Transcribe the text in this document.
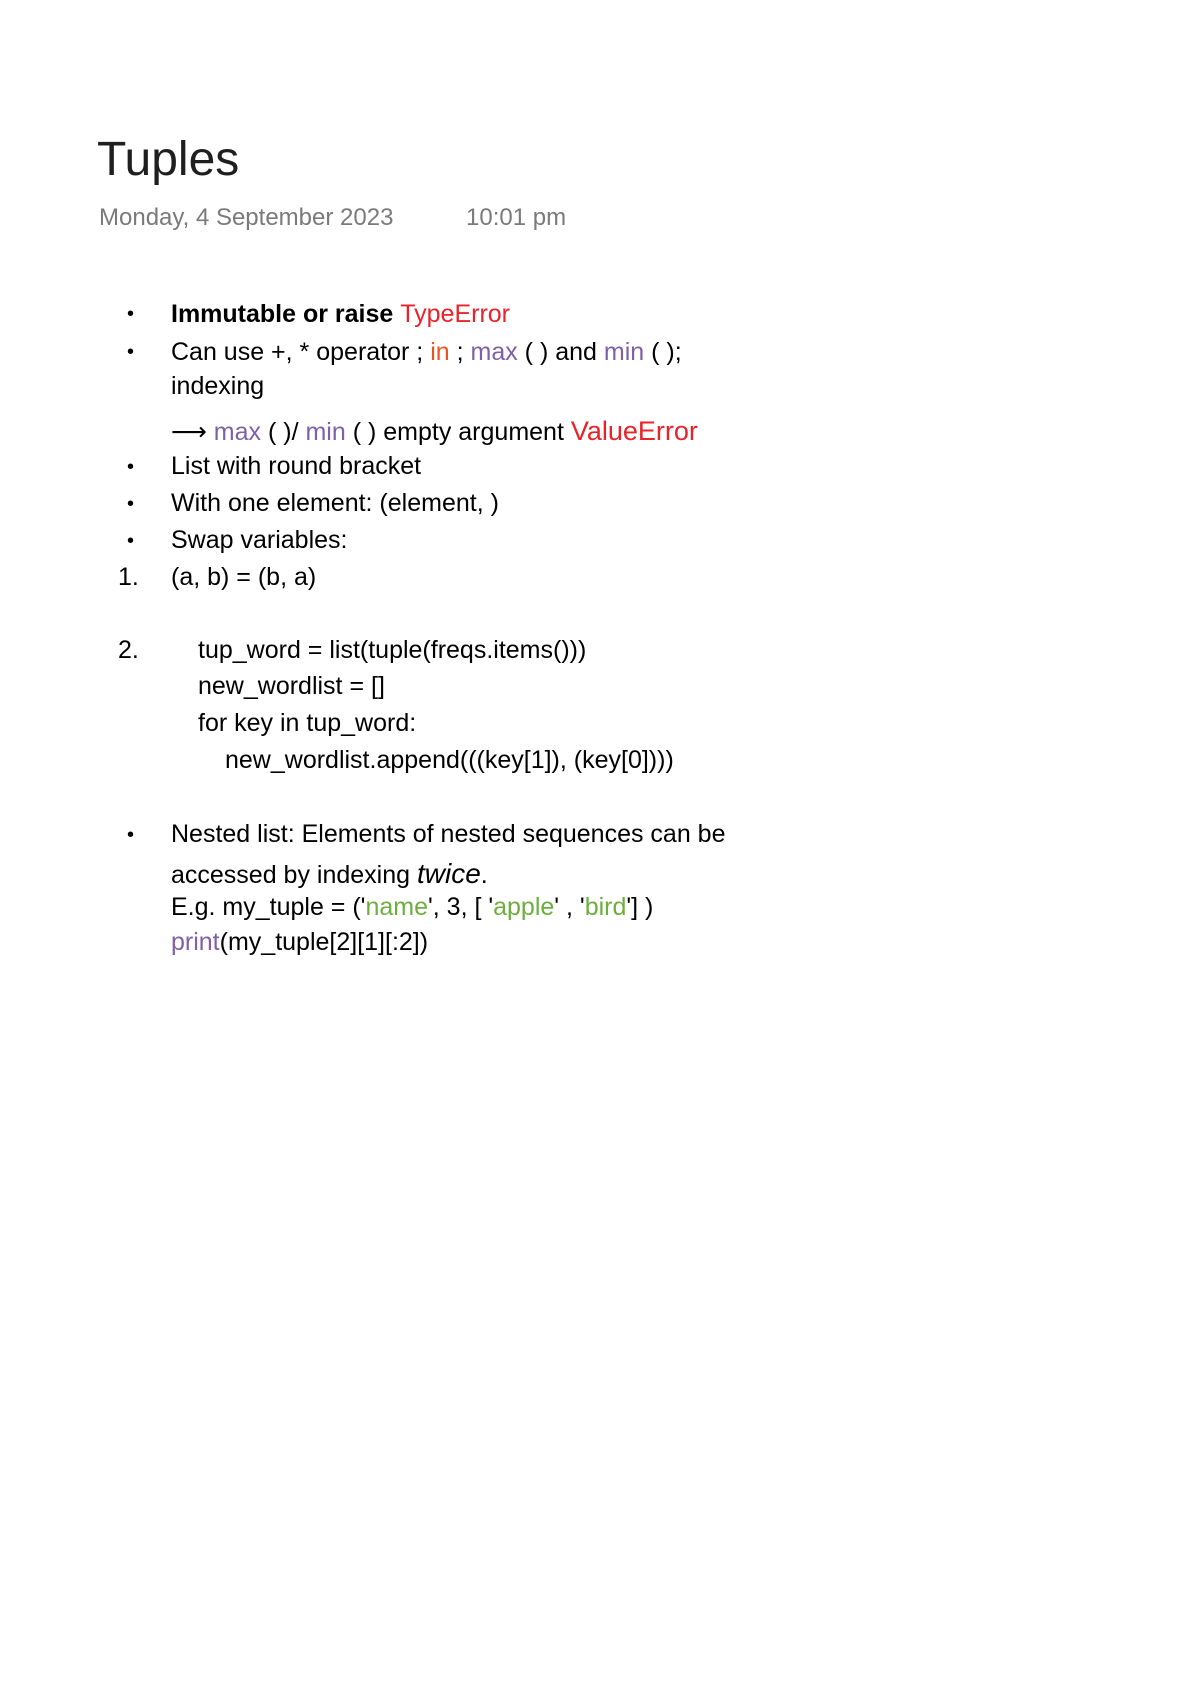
Tuples
Monday, 4 September 2023	10:01 pm
• Immutable or raise TypeError
• Can use +, * operator ; in ; max ( ) and min ( );
indexing
⟶ max ( )/ min ( ) empty argument ValueError
• List with round bracket
• With one element: (element, )
• Swap variables:
1. (a, b) = (b, a)
2. tup_word = list(tuple(freqs.items()))
new_wordlist = []
for key in tup_word:
new_wordlist.append(((key[1]), (key[0])))
• Nested list: Elements of nested sequences can be
accessed by indexing twice.
E.g. my_tuple = ('name', 3, [ 'apple' , 'bird'] )
print(my_tuple[2][1][:2])
